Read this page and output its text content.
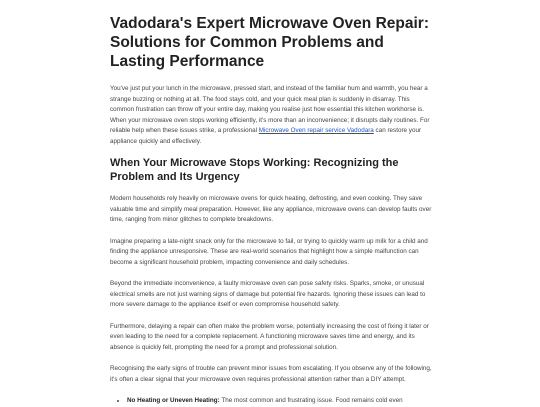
Vadodara's Expert Microwave Oven Repair: Solutions for Common Problems and Lasting Performance

You've just put your lunch in the microwave, pressed start, and instead of the familiar hum and warmth, you hear a strange buzzing or nothing at all. The food stays cold, and your quick meal plan is suddenly in disarray. This common frustration can throw off your entire day, making you realise just how essential this kitchen workhorse is. When your microwave oven stops working efficiently, it's more than an inconvenience; it disrupts daily routines. For reliable help when these issues strike, a professional Microwave Oven repair service Vadodara can restore your appliance quickly and effectively.

When Your Microwave Stops Working: Recognizing the Problem and Its Urgency

Modern households rely heavily on microwave ovens for quick heating, defrosting, and even cooking. They save valuable time and simplify meal preparation. However, like any appliance, microwave ovens can develop faults over time, ranging from minor glitches to complete breakdowns.

Imagine preparing a late-night snack only for the microwave to fail, or trying to quickly warm up milk for a child and finding the appliance unresponsive. These are real-world scenarios that highlight how a simple malfunction can become a significant household problem, impacting convenience and daily schedules.

Beyond the immediate inconvenience, a faulty microwave oven can pose safety risks. Sparks, smoke, or unusual electrical smells are not just warning signs of damage but potential fire hazards. Ignoring these issues can lead to more severe damage to the appliance itself or even compromise household safety.

Furthermore, delaying a repair can often make the problem worse, potentially increasing the cost of fixing it later or even leading to the need for a complete replacement. A functioning microwave saves time and energy, and its absence is quickly felt, prompting the need for a prompt and professional solution.

Recognising the early signs of trouble can prevent minor issues from escalating. If you observe any of the following, it's often a clear signal that your microwave oven requires professional attention rather than a DIY attempt.

• No Heating or Uneven Heating: The most common and frustrating issue. Food remains cold even
